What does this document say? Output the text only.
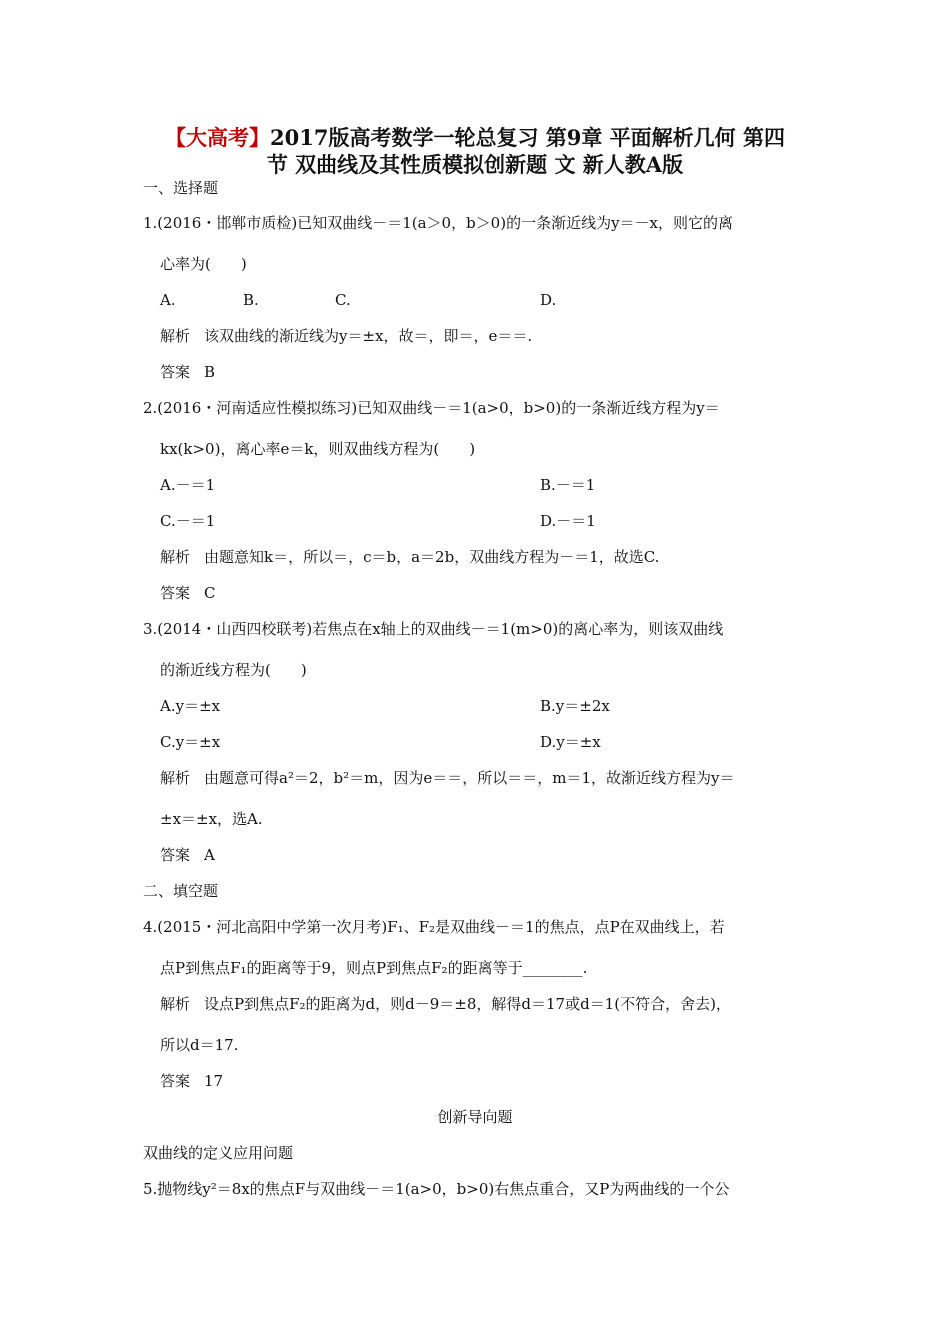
【大高考】2017版高考数学一轮总复习 第9章 平面解析几何 第四
节 双曲线及其性质模拟创新题 文 新人教A版
一、选择题
1.(2016・邯郸市质检)已知双曲线－＝1(a＞0，b＞0)的一条渐近线为y＝－x，则它的离
心率为(　　)
A.	B.	C.	D.
解析 该双曲线的渐近线为y＝±x，故＝，即＝，e＝＝.
答案 B
2.(2016・河南适应性模拟练习)已知双曲线－＝1(a>0，b>0)的一条渐近线方程为y＝
kx(k>0)，离心率e＝k，则双曲线方程为(　　)
A.－＝1	B.－＝1
C.－＝1	D.－＝1
解析 由题意知k＝，所以＝，c＝b，a＝2b，双曲线方程为－＝1，故选C.
答案 C
3.(2014・山西四校联考)若焦点在x轴上的双曲线－＝1(m>0)的离心率为，则该双曲线
的渐近线方程为(　　)
A.y＝±x	B.y＝±2x
C.y＝±x	D.y＝±x
解析 由题意可得a²＝2，b²＝m，因为e＝＝，所以＝＝，m＝1，故渐近线方程为y＝
±x＝±x，选A.
答案 A
二、填空题
4.(2015・河北高阳中学第一次月考)F₁、F₂是双曲线－＝1的焦点，点P在双曲线上，若
点P到焦点F₁的距离等于9，则点P到焦点F₂的距离等于________.
解析 设点P到焦点F₂的距离为d，则d－9＝±8，解得d＝17或d＝1(不符合，舍去)，
所以d＝17.
答案 17
创新导向题
双曲线的定义应用问题
5.抛物线y²＝8x的焦点F与双曲线－＝1(a>0，b>0)右焦点重合，又P为两曲线的一个公
